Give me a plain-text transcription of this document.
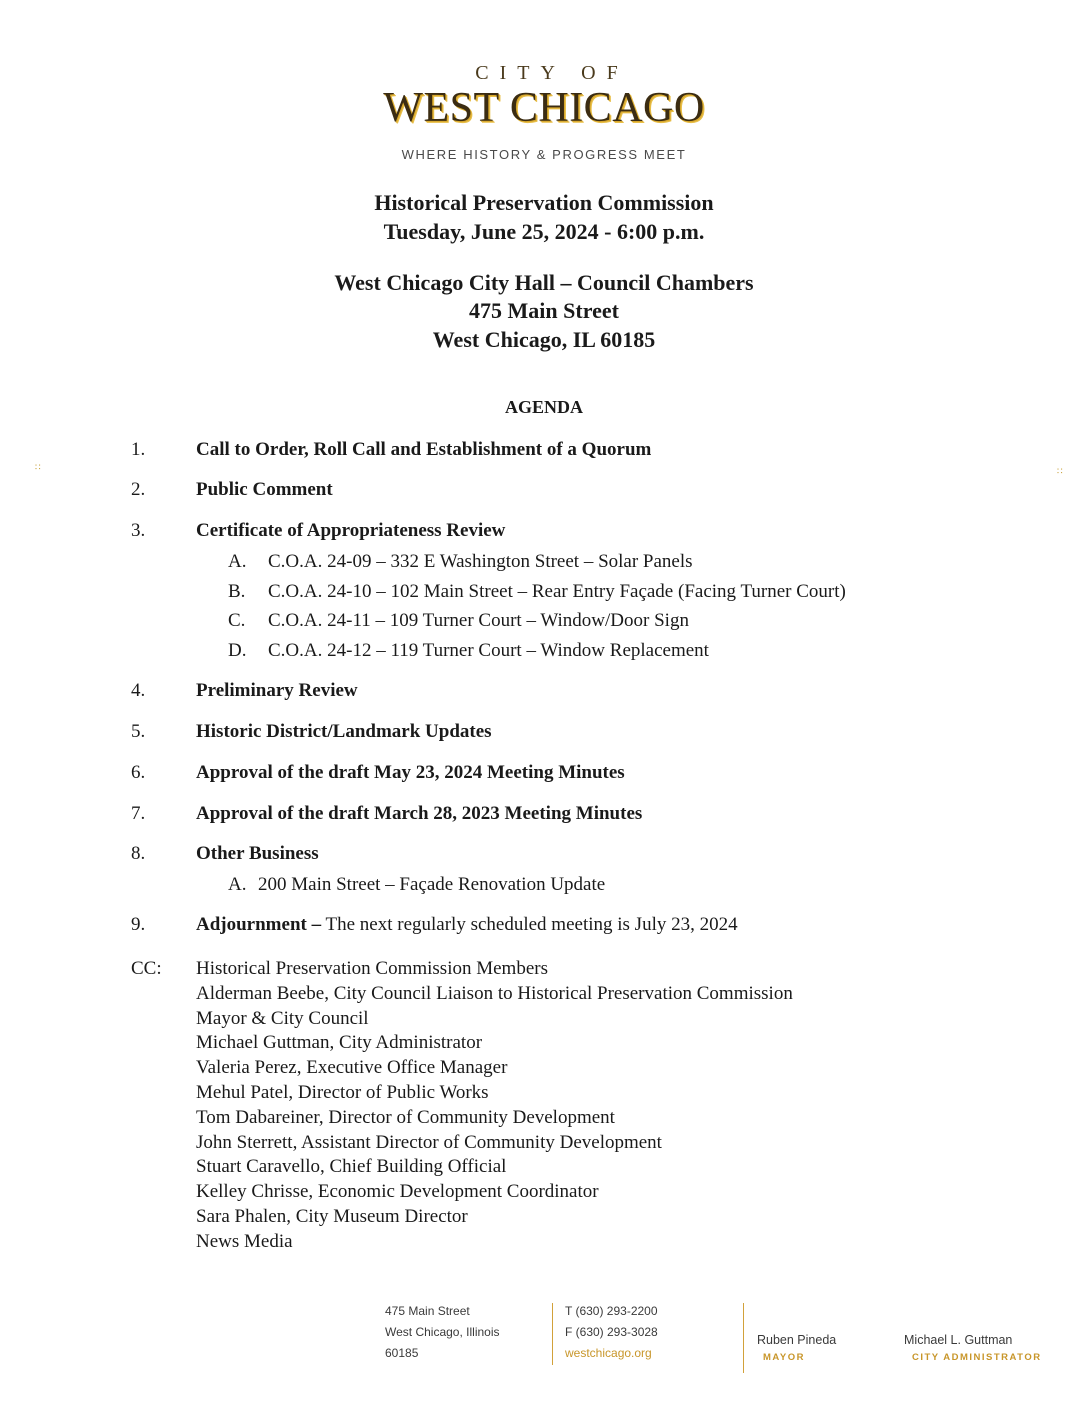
CITY OF
WEST CHICAGO
WHERE HISTORY & PROGRESS MEET
Historical Preservation Commission
Tuesday, June 25, 2024 - 6:00 p.m.
West Chicago City Hall – Council Chambers
475 Main Street
West Chicago, IL 60185
AGENDA
1.	Call to Order, Roll Call and Establishment of a Quorum
2.	Public Comment
3.	Certificate of Appropriateness Review
A. C.O.A. 24-09 – 332 E Washington Street – Solar Panels
B. C.O.A. 24-10 – 102 Main Street – Rear Entry Façade (Facing Turner Court)
C. C.O.A. 24-11 – 109 Turner Court – Window/Door Sign
D. C.O.A. 24-12 – 119 Turner Court – Window Replacement
4.	Preliminary Review
5.	Historic District/Landmark Updates
6.	Approval of the draft May 23, 2024 Meeting Minutes
7.	Approval of the draft March 28, 2023 Meeting Minutes
8.	Other Business
A. 200 Main Street – Façade Renovation Update
9.	Adjournment – The next regularly scheduled meeting is July 23, 2024
CC: Historical Preservation Commission Members
Alderman Beebe, City Council Liaison to Historical Preservation Commission
Mayor & City Council
Michael Guttman, City Administrator
Valeria Perez, Executive Office Manager
Mehul Patel, Director of Public Works
Tom Dabareiner, Director of Community Development
John Sterrett, Assistant Director of Community Development
Stuart Caravello, Chief Building Official
Kelley Chrisse, Economic Development Coordinator
Sara Phalen, City Museum Director
News Media
475 Main Street
West Chicago, Illinois
60185
T (630) 293-2200
F (630) 293-3028
westchicago.org
Ruben Pineda
MAYOR
Michael L. Guttman
CITY ADMINISTRATOR
∷	∷
